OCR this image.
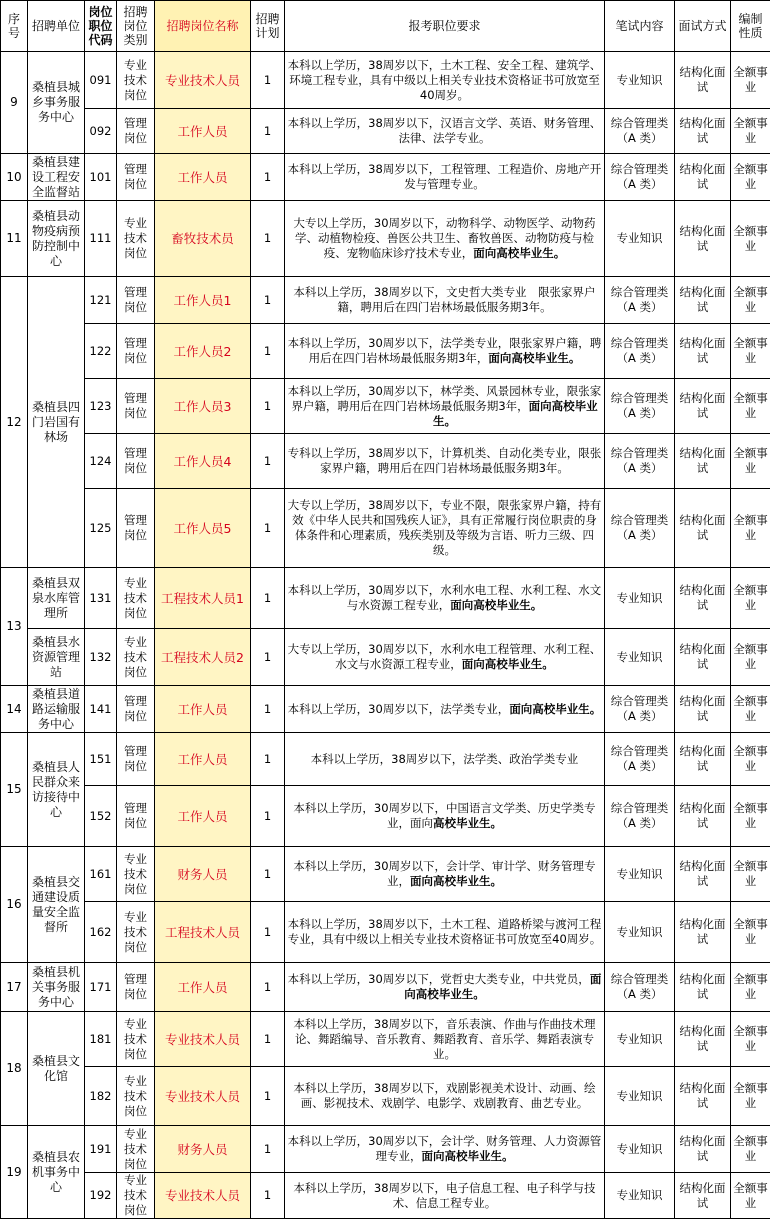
序号	招聘单位	岗位职位代码	招聘岗位类别	招聘岗位名称	招聘计划	报考职位要求	笔试内容	面试方式	编制性质
9	桑植县城乡事务服务中心	091	专业技术岗位	专业技术人员	1	本科以上学历，38周岁以下，土木工程、安全工程、建筑学、环境工程专业，具有中级以上相关专业技术资格证书可放宽至40周岁。	专业知识	结构化面试	全额事业
		092	管理岗位	工作人员	1	本科以上学历，38周岁以下，汉语言文学、英语、财务管理、法律、法学专业。	综合管理类（A 类）	结构化面试	全额事业
10	桑植县建设工程安全监督站	101	管理岗位	工作人员	1	本科以上学历，38周岁以下，工程管理、工程造价、房地产开发与管理专业。	综合管理类（A 类）	结构化面试	全额事业
11	桑植县动物疫病预防控制中心	111	专业技术岗位	畜牧技术员	1	大专以上学历，30周岁以下，动物科学、动物医学、动物药学、动植物检疫、兽医公共卫生、畜牧兽医、动物防疫与检疫、宠物临床诊疗技术专业，面向高校毕业生。	专业知识	结构化面试	全额事业
12	桑植县四门岩国有林场	121	管理岗位	工作人员1	1	本科以上学历，38周岁以下，文史哲大类专业　限张家界户籍，聘用后在四门岩林场最低服务期3年。	综合管理类（A 类）	结构化面试	全额事业
		122	管理岗位	工作人员2	1	本科以上学历，30周岁以下，法学类专业，限张家界户籍，聘用后在四门岩林场最低服务期3年，面向高校毕业生。	综合管理类（A 类）	结构化面试	全额事业
		123	管理岗位	工作人员3	1	本科以上学历，30周岁以下，林学类、风景园林专业，限张家界户籍，聘用后在四门岩林场最低服务期3年，面向高校毕业生。	综合管理类（A 类）	结构化面试	全额事业
		124	管理岗位	工作人员4	1	专科以上学历，38周岁以下，计算机类、自动化类专业，限张家界户籍，聘用后在四门岩林场最低服务期3年。	综合管理类（A 类）	结构化面试	全额事业
		125	管理岗位	工作人员5	1	大专以上学历，38周岁以下，专业不限，限张家界户籍，持有效《中华人民共和国残疾人证》，具有正常履行岗位职责的身体条件和心理素质，残疾类别及等级为言语、听力三级、四级。	综合管理类（A 类）	结构化面试	全额事业
13	桑植县双泉水库管理所	131	专业技术岗位	工程技术人员1	1	本科以上学历，30周岁以下，水利水电工程、水利工程、水文与水资源工程专业，面向高校毕业生。	专业知识	结构化面试	全额事业
	桑植县水资源管理站	132	专业技术岗位	工程技术人员2	1	大专以上学历，30周岁以下，水利水电工程管理、水利工程、水文与水资源工程专业，面向高校毕业生。	专业知识	结构化面试	全额事业
14	桑植县道路运输服务中心	141	管理岗位	工作人员	1	本科以上学历，30周岁以下，法学类专业，面向高校毕业生。	综合管理类（A 类）	结构化面试	全额事业
15	桑植县人民群众来访接待中心	151	管理岗位	工作人员	1	本科以上学历，38周岁以下，法学类、政治学类专业	综合管理类（A 类）	结构化面试	全额事业
		152	管理岗位	工作人员	1	本科以上学历，30周岁以下，中国语言文学类、历史学类专业，面向高校毕业生。	综合管理类（A 类）	结构化面试	全额事业
16	桑植县交通建设质量安全监督所	161	专业技术岗位	财务人员	1	本科以上学历，30周岁以下，会计学、审计学、财务管理专业，面向高校毕业生。	专业知识	结构化面试	全额事业
		162	专业技术岗位	工程技术人员	1	本科以上学历，38周岁以下，土木工程、道路桥梁与渡河工程专业，具有中级以上相关专业技术资格证书可放宽至40周岁。	专业知识	结构化面试	全额事业
17	桑植县机关事务服务中心	171	管理岗位	工作人员	1	本科以上学历，30周岁以下，党哲史大类专业，中共党员，面向高校毕业生。	综合管理类（A 类）	结构化面试	全额事业
18	桑植县文化馆	181	专业技术岗位	专业技术人员	1	本科以上学历，38周岁以下，音乐表演、作曲与作曲技术理论、舞蹈编导、音乐教育、舞蹈教育、音乐学、舞蹈表演专业。	专业知识	结构化面试	全额事业
		182	专业技术岗位	专业技术人员	1	本科以上学历，38周岁以下，戏剧影视美术设计、动画、绘画、影视技术、戏剧学、电影学、戏剧教育、曲艺专业。	专业知识	结构化面试	全额事业
19	桑植县农机事务中心	191	专业技术岗位	财务人员	1	本科以上学历，30周岁以下，会计学、财务管理、人力资源管理专业，面向高校毕业生。	专业知识	结构化面试	全额事业
		192	专业技术岗位	专业技术人员	1	本科以上学历，38周岁以下，电子信息工程、电子科学与技术、信息工程专业。	专业知识	结构化面试	全额事业
